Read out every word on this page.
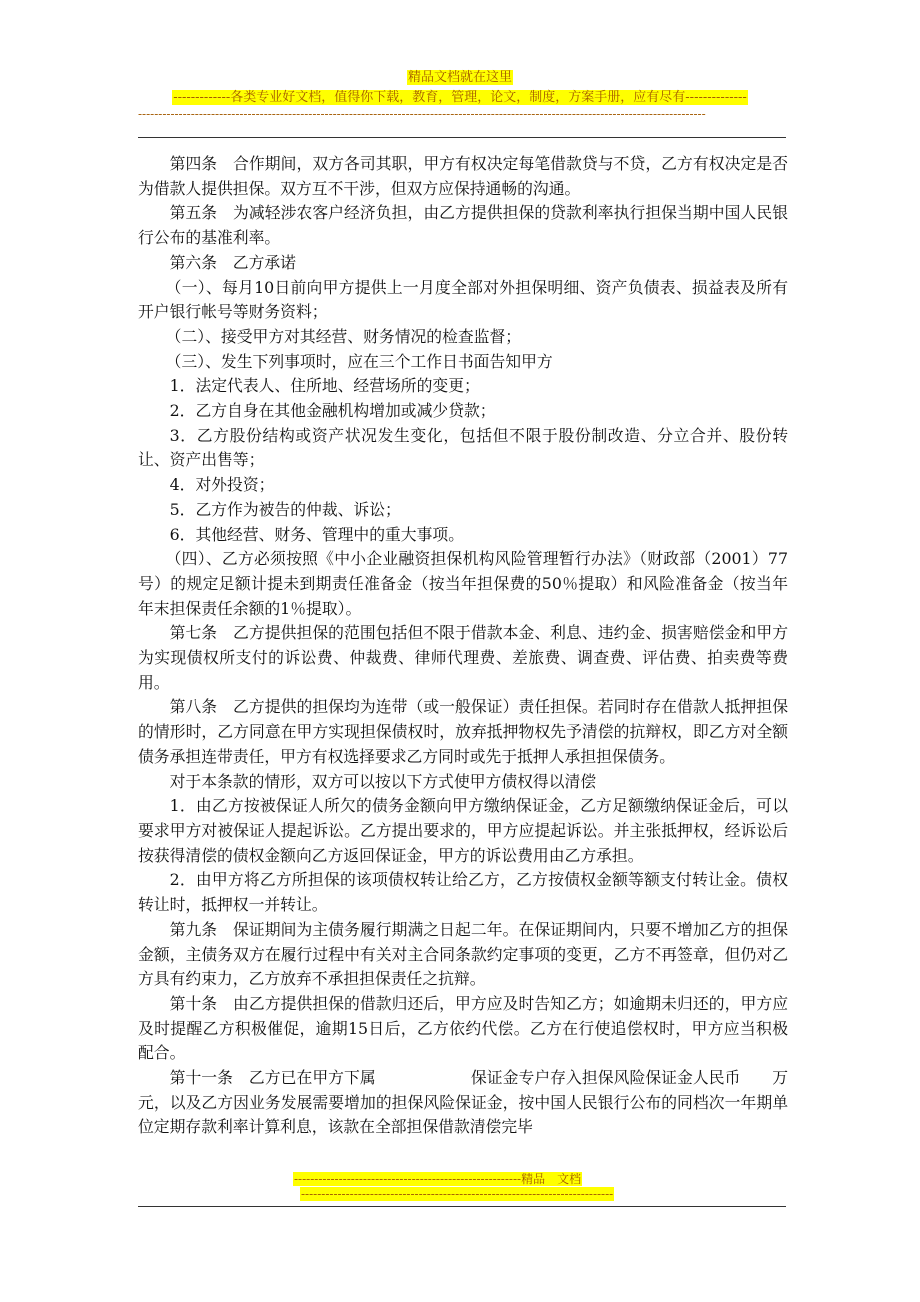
精品文档就在这里
-------------各类专业好文档，值得你下载，教育，管理，论文，制度，方案手册，应有尽有--------------
--------------------------------------------------------------------------------------------------------------------------------------------

第四条　合作期间，双方各司其职，甲方有权决定每笔借款贷与不贷，乙方有权决定是否为借款人提供担保。双方互不干涉，但双方应保持通畅的沟通。

第五条　为减轻涉农客户经济负担，由乙方提供担保的贷款利率执行担保当期中国人民银行公布的基准利率。

第六条　乙方承诺

（一）、每月10日前向甲方提供上一月度全部对外担保明细、资产负债表、损益表及所有开户银行帐号等财务资料；

（二）、接受甲方对其经营、财务情况的检查监督；

（三）、发生下列事项时，应在三个工作日书面告知甲方

1．法定代表人、住所地、经营场所的变更；

2．乙方自身在其他金融机构增加或减少贷款；

3．乙方股份结构或资产状况发生变化，包括但不限于股份制改造、分立合并、股份转让、资产出售等；

4．对外投资；

5．乙方作为被告的仲裁、诉讼；

6．其他经营、财务、管理中的重大事项。

（四）、乙方必须按照《中小企业融资担保机构风险管理暂行办法》（财政部（2001）77号）的规定足额计提未到期责任准备金（按当年担保费的50％提取）和风险准备金（按当年年末担保责任余额的1％提取）。

第七条　乙方提供担保的范围包括但不限于借款本金、利息、违约金、损害赔偿金和甲方为实现债权所支付的诉讼费、仲裁费、律师代理费、差旅费、调查费、评估费、拍卖费等费用。

第八条　乙方提供的担保均为连带（或一般保证）责任担保。若同时存在借款人抵押担保的情形时，乙方同意在甲方实现担保债权时，放弃抵押物权先予清偿的抗辩权，即乙方对全额债务承担连带责任，甲方有权选择要求乙方同时或先于抵押人承担担保债务。

对于本条款的情形，双方可以按以下方式使甲方债权得以清偿

1．由乙方按被保证人所欠的债务金额向甲方缴纳保证金，乙方足额缴纳保证金后，可以要求甲方对被保证人提起诉讼。乙方提出要求的，甲方应提起诉讼。并主张抵押权，经诉讼后按获得清偿的债权金额向乙方返回保证金，甲方的诉讼费用由乙方承担。

2．由甲方将乙方所担保的该项债权转让给乙方，乙方按债权金额等额支付转让金。债权转让时，抵押权一并转让。

第九条　保证期间为主债务履行期满之日起二年。在保证期间内，只要不增加乙方的担保金额，主债务双方在履行过程中有关对主合同条款约定事项的变更，乙方不再签章，但仍对乙方具有约束力，乙方放弃不承担担保责任之抗辩。

第十条　由乙方提供担保的借款归还后，甲方应及时告知乙方；如逾期未归还的，甲方应及时提醒乙方积极催促，逾期15日后，乙方依约代偿。乙方在行使追偿权时，甲方应当积极配合。

第十一条　乙方已在甲方下属　　　　　　保证金专户存入担保风险保证金人民币　　万元，以及乙方因业务发展需要增加的担保风险保证金，按中国人民银行公布的同档次一年期单位定期存款利率计算利息，该款在全部担保借款清偿完毕

--------------------------------------------------------精品　文档
-----------------------------------------------------------------------------
